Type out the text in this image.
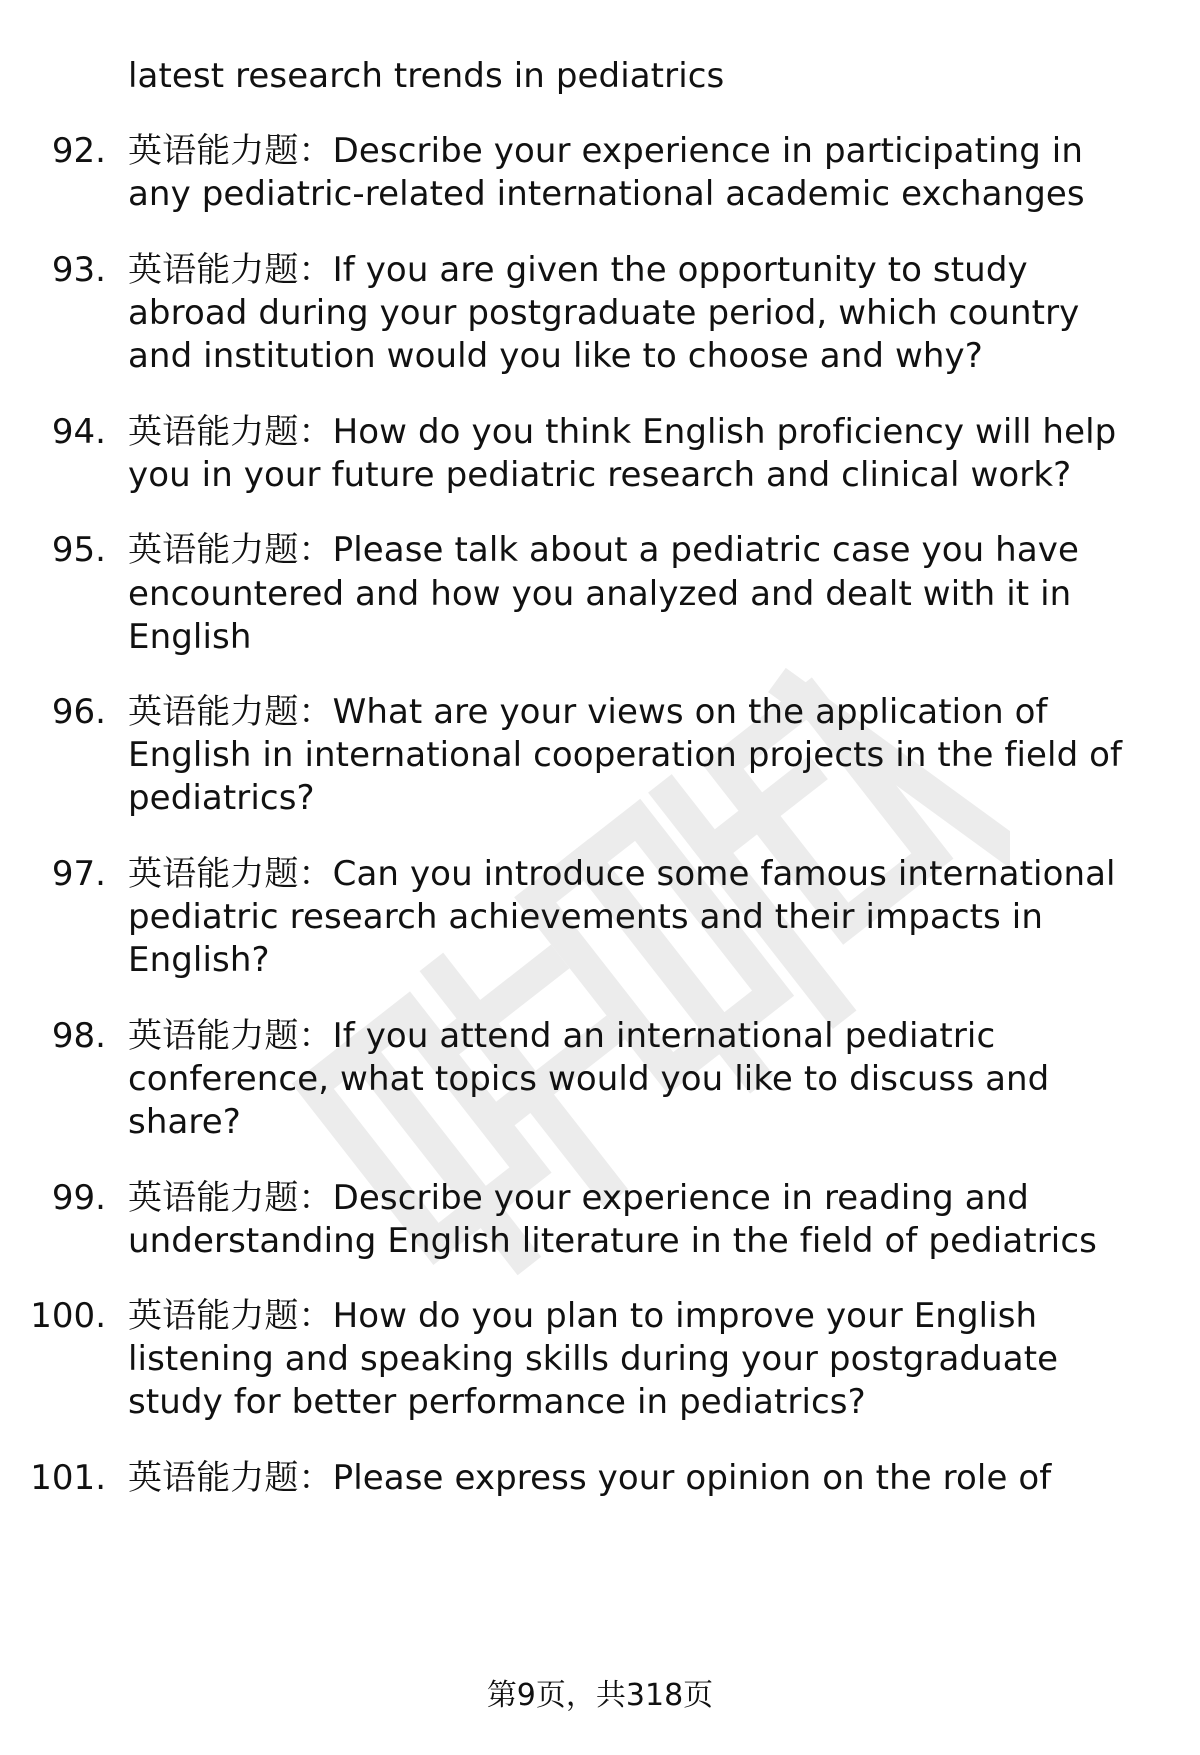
latest research trends in pediatrics
92. 英语能力题：Describe your experience in participating in
any pediatric-related international academic exchanges
93. 英语能力题：If you are given the opportunity to study
abroad during your postgraduate period, which country
and institution would you like to choose and why?
94. 英语能力题：How do you think English proficiency will help
you in your future pediatric research and clinical work?
95. 英语能力题：Please talk about a pediatric case you have
encountered and how you analyzed and dealt with it in
English
96. 英语能力题：What are your views on the application of
English in international cooperation projects in the field of
pediatrics?
97. 英语能力题：Can you introduce some famous international
pediatric research achievements and their impacts in
English?
98. 英语能力题：If you attend an international pediatric
conference, what topics would you like to discuss and
share?
99. 英语能力题：Describe your experience in reading and
understanding English literature in the field of pediatrics
100. 英语能力题：How do you plan to improve your English
listening and speaking skills during your postgraduate
study for better performance in pediatrics?
101. 英语能力题：Please express your opinion on the role of
第9页，共318页
